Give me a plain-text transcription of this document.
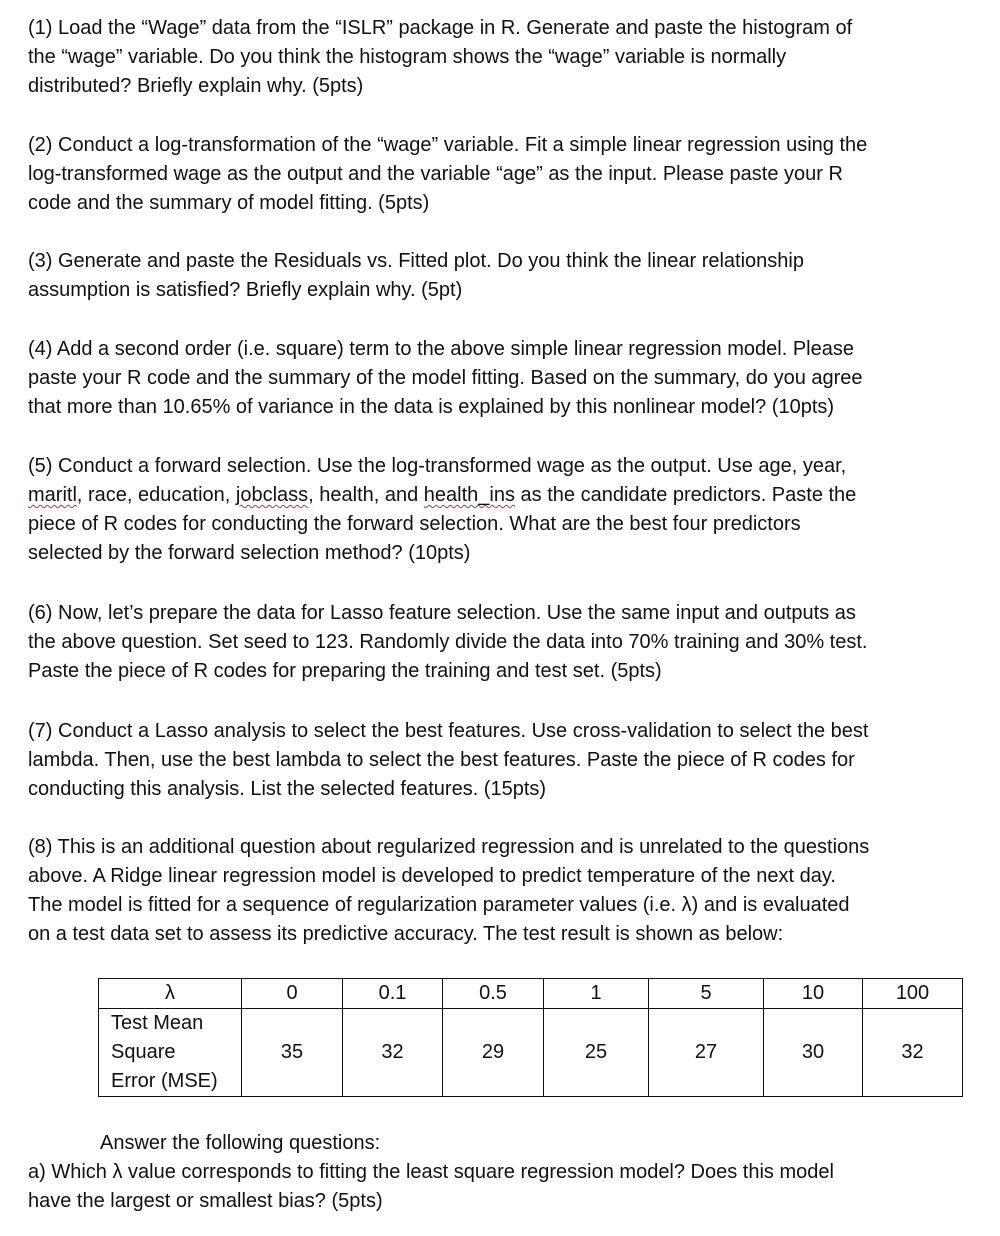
(1) Load the “Wage” data from the “ISLR” package in R. Generate and paste the histogram of
the “wage” variable. Do you think the histogram shows the “wage” variable is normally
distributed? Briefly explain why. (5pts)
(2) Conduct a log-transformation of the “wage” variable. Fit a simple linear regression using the
log-transformed wage as the output and the variable “age” as the input. Please paste your R
code and the summary of model fitting. (5pts)
(3) Generate and paste the Residuals vs. Fitted plot. Do you think the linear relationship
assumption is satisfied? Briefly explain why. (5pt)
(4) Add a second order (i.e. square) term to the above simple linear regression model. Please
paste your R code and the summary of the model fitting. Based on the summary, do you agree
that more than 10.65% of variance in the data is explained by this nonlinear model? (10pts)
(5) Conduct a forward selection. Use the log-transformed wage as the output. Use age, year,
maritl, race, education, jobclass, health, and health_ins as the candidate predictors. Paste the
piece of R codes for conducting the forward selection. What are the best four predictors
selected by the forward selection method? (10pts)
(6) Now, let’s prepare the data for Lasso feature selection. Use the same input and outputs as
the above question. Set seed to 123. Randomly divide the data into 70% training and 30% test.
Paste the piece of R codes for preparing the training and test set. (5pts)
(7) Conduct a Lasso analysis to select the best features. Use cross-validation to select the best
lambda. Then, use the best lambda to select the best features. Paste the piece of R codes for
conducting this analysis. List the selected features. (15pts)
(8) This is an additional question about regularized regression and is unrelated to the questions
above. A Ridge linear regression model is developed to predict temperature of the next day.
The model is fitted for a sequence of regularization parameter values (i.e. λ) and is evaluated
on a test data set to assess its predictive accuracy. The test result is shown as below:
λ	0	0.1	0.5	1	5	10	100

Test Mean
Square
Error (MSE)	35	32	29	25	27	30	32
Answer the following questions:
a) Which λ value corresponds to fitting the least square regression model? Does this model
have the largest or smallest bias? (5pts)
